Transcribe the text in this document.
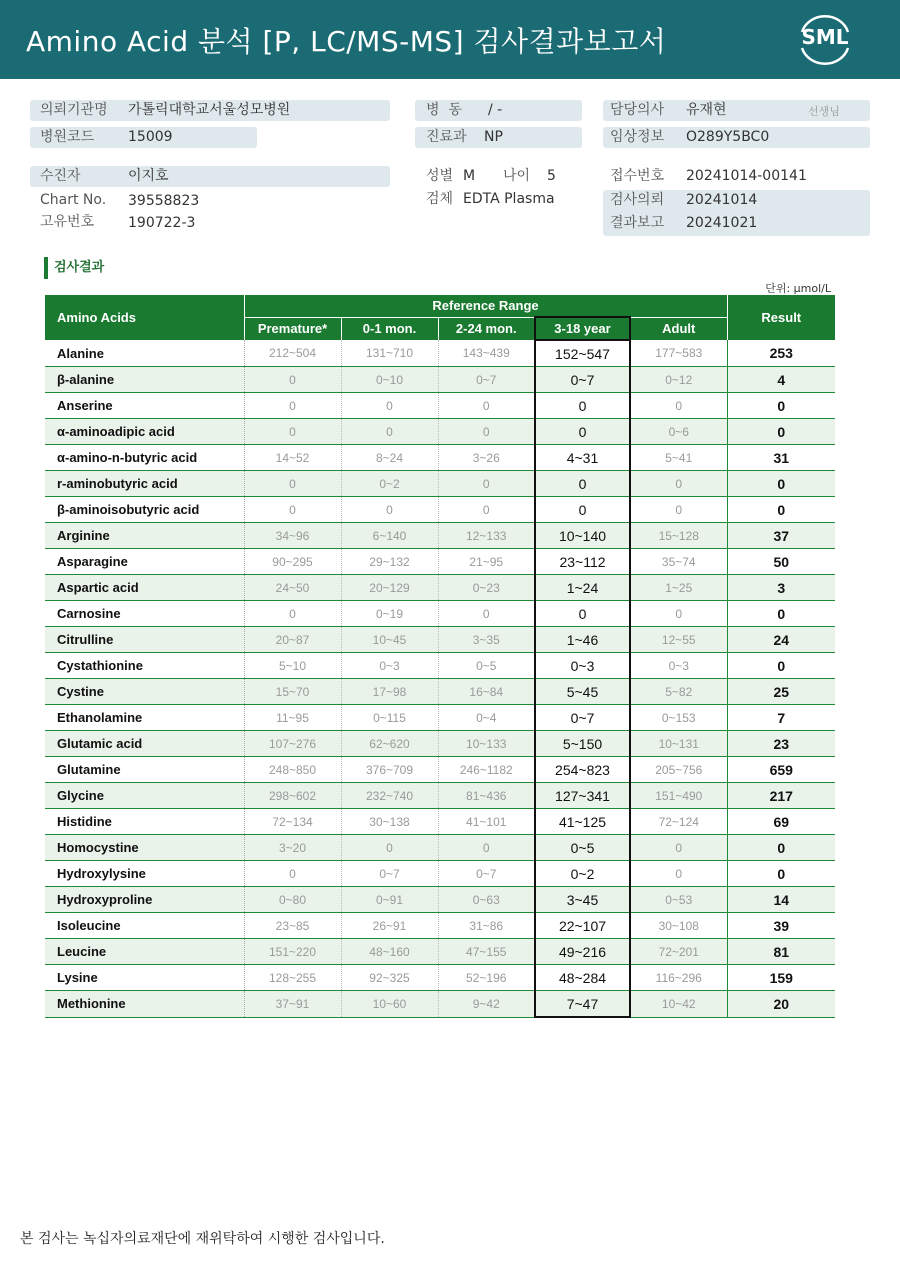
Amino Acid 분석 [P, LC/MS-MS] 검사결과보고서	SML
의뢰기관명 가톨릭대학교서울성모병원
병원코드 15009
병  동 / -
진료과 NP
담당의사 유재현	선생님
임상정보 O289Y5BC0
수진자	이지호
Chart No. 39558823
고유번호 190722-3
성별 M 나이 5
검체 EDTA Plasma
접수번호 20241014-00141
검사의뢰 20241014
결과보고 20241021
검사결과
단위: μmol/L
Amino Acids	Reference Range					Result
	Premature*	0-1 mon.	2-24 mon.	3-18 year	Adult	
Alanine	212~504	131~710	143~439	152~547	177~583	253
β-alanine	0	0~10	0~7	0~7	0~12	4
Anserine	0	0	0	0	0	0
α-aminoadipic acid	0	0	0	0	0~6	0
α-amino-n-butyric acid	14~52	8~24	3~26	4~31	5~41	31
r-aminobutyric acid	0	0~2	0	0	0	0
β-aminoisobutyric acid	0	0	0	0	0	0
Arginine	34~96	6~140	12~133	10~140	15~128	37
Asparagine	90~295	29~132	21~95	23~112	35~74	50
Aspartic acid	24~50	20~129	0~23	1~24	1~25	3
Carnosine	0	0~19	0	0	0	0
Citrulline	20~87	10~45	3~35	1~46	12~55	24
Cystathionine	5~10	0~3	0~5	0~3	0~3	0
Cystine	15~70	17~98	16~84	5~45	5~82	25
Ethanolamine	11~95	0~115	0~4	0~7	0~153	7
Glutamic acid	107~276	62~620	10~133	5~150	10~131	23
Glutamine	248~850	376~709	246~1182	254~823	205~756	659
Glycine	298~602	232~740	81~436	127~341	151~490	217
Histidine	72~134	30~138	41~101	41~125	72~124	69
Homocystine	3~20	0	0	0~5	0	0
Hydroxylysine	0	0~7	0~7	0~2	0	0
Hydroxyproline	0~80	0~91	0~63	3~45	0~53	14
Isoleucine	23~85	26~91	31~86	22~107	30~108	39
Leucine	151~220	48~160	47~155	49~216	72~201	81
Lysine	128~255	92~325	52~196	48~284	116~296	159
Methionine	37~91	10~60	9~42	7~47	10~42	20
본 검사는 녹십자의료재단에 재위탁하여 시행한 검사입니다.
